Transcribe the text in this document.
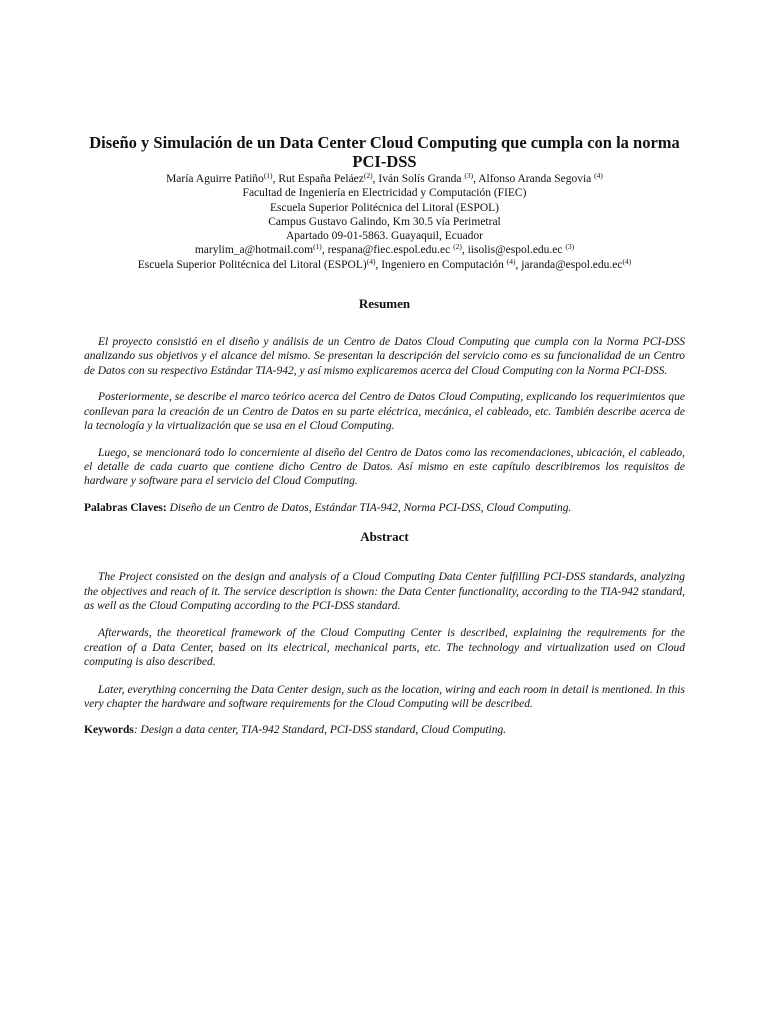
Diseño y Simulación de un Data Center Cloud Computing que cumpla con la norma PCI-DSS
María Aguirre Patiño$^{(1)}$, Rut España Peláez$^{(2)}$, Iván Solís Granda $^{(3)}$, Alfonso Aranda Segovia $^{(4)}$
Facultad de Ingeniería en Electricidad y Computación (FIEC)
Escuela Superior Politécnica del Litoral (ESPOL)
Campus Gustavo Galindo, Km 30.5 vía Perimetral
Apartado 09-01-5863. Guayaquil, Ecuador
marylim_a@hotmail.com$^{(1)}$, respana@fiec.espol.edu.ec $^{(2)}$, iisolis@espol.edu.ec $^{(3)}$
Escuela Superior Politécnica del Litoral (ESPOL)$^{(4)}$, Ingeniero en Computación $^{(4)}$, $jaranda@espol.edu.ec^{(4)}$
Resumen

El proyecto consistió en el diseño y análisis de un Centro de Datos Cloud Computing que cumpla con la Norma PCI-DSS analizando sus objetivos y el alcance del mismo. Se presentan la descripción del servicio como es su funcionalidad de un Centro de Datos con su respectivo Estándar TIA-942, y así mismo explicaremos acerca del Cloud Computing con la Norma PCI-DSS.

Posteriormente, se describe el marco teórico acerca del Centro de Datos Cloud Computing, explicando los requerimientos que conllevan para la creación de un Centro de Datos en su parte eléctrica, mecánica, el cableado, etc. También describe acerca de la tecnología y la virtualización que se usa en el Cloud Computing.

Luego, se mencionará todo lo concerniente al diseño del Centro de Datos como las recomendaciones, ubicación, el cableado, el detalle de cada cuarto que contiene dicho Centro de Datos. Así mismo en este capítulo describiremos los requisitos de hardware y software para el servicio del Cloud Computing.

Palabras Claves: Diseño de un Centro de Datos, Estándar TIA-942, Norma PCI-DSS, Cloud Computing.

Abstract

The Project consisted on the design and analysis of a Cloud Computing Data Center fulfilling PCI-DSS standards, analyzing the objectives and reach of it. The service description is shown: the Data Center functionality, according to the TIA-942 standard, as well as the Cloud Computing according to the PCI-DSS standard.

Afterwards, the theoretical framework of the Cloud Computing Center is described, explaining the requirements for the creation of a Data Center, based on its electrical, mechanical parts, etc. The technology and virtualization used on Cloud computing is also described.

Later, everything concerning the Data Center design, such as the location, wiring and each room in detail is mentioned. In this very chapter the hardware and software requirements for the Cloud Computing will be described.

Keywords: Design a data center, TIA-942 Standard, PCI-DSS standard, Cloud Computing.
